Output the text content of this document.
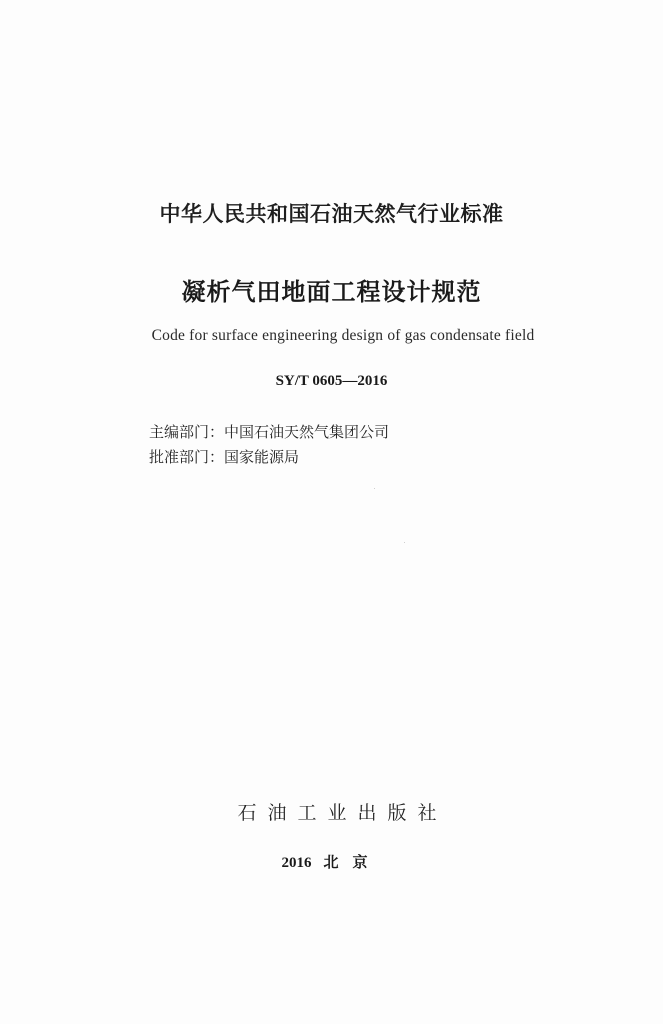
中华人民共和国石油天然气行业标准
凝析气田地面工程设计规范
Code for surface engineering design of gas condensate field
SY/T 0605—2016
主编部门：中国石油天然气集团公司
批准部门：国家能源局
石油工业出版社
2016 北京
